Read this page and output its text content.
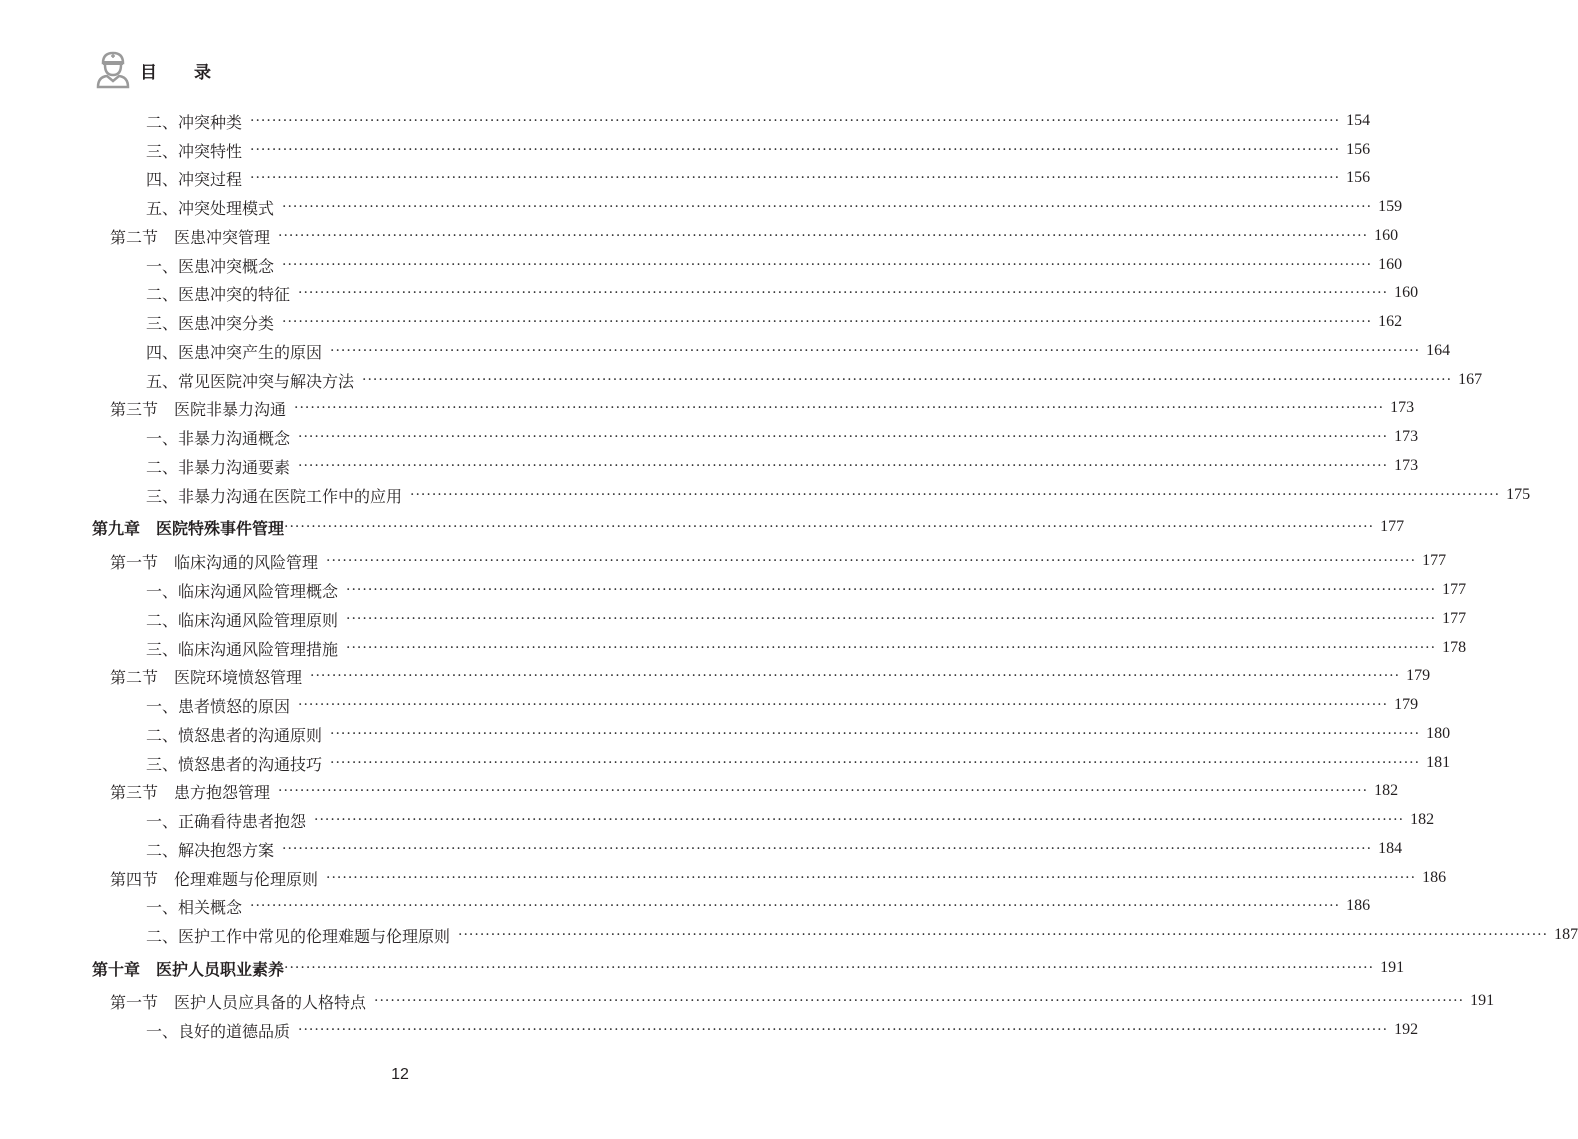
目　　录
二、冲突种类 ········································································································································································································ 154
三、冲突特性 ········································································································································································································ 156
四、冲突过程 ········································································································································································································ 156
五、冲突处理模式 ········································································································································································································ 159
第二节　医患冲突管理 ········································································································································································································ 160
一、医患冲突概念 ········································································································································································································ 160
二、医患冲突的特征 ········································································································································································································ 160
三、医患冲突分类 ········································································································································································································ 162
四、医患冲突产生的原因 ········································································································································································································ 164
五、常见医院冲突与解决方法 ········································································································································································································ 167
第三节　医院非暴力沟通 ········································································································································································································ 173
一、非暴力沟通概念 ········································································································································································································ 173
二、非暴力沟通要素 ········································································································································································································ 173
三、非暴力沟通在医院工作中的应用 ········································································································································································································ 175
第九章　医院特殊事件管理 ········································································································································································································ 177
第一节　临床沟通的风险管理 ········································································································································································································ 177
一、临床沟通风险管理概念 ········································································································································································································ 177
二、临床沟通风险管理原则 ········································································································································································································ 177
三、临床沟通风险管理措施 ········································································································································································································ 178
第二节　医院环境愤怒管理 ········································································································································································································ 179
一、患者愤怒的原因 ········································································································································································································ 179
二、愤怒患者的沟通原则 ········································································································································································································ 180
三、愤怒患者的沟通技巧 ········································································································································································································ 181
第三节　患方抱怨管理 ········································································································································································································ 182
一、正确看待患者抱怨 ········································································································································································································ 182
二、解决抱怨方案 ········································································································································································································ 184
第四节　伦理难题与伦理原则 ········································································································································································································ 186
一、相关概念 ········································································································································································································ 186
二、医护工作中常见的伦理难题与伦理原则 ········································································································································································································ 187
第十章　医护人员职业素养 ········································································································································································································ 191
第一节　医护人员应具备的人格特点 ········································································································································································································ 191
一、良好的道德品质 ········································································································································································································ 192
12
